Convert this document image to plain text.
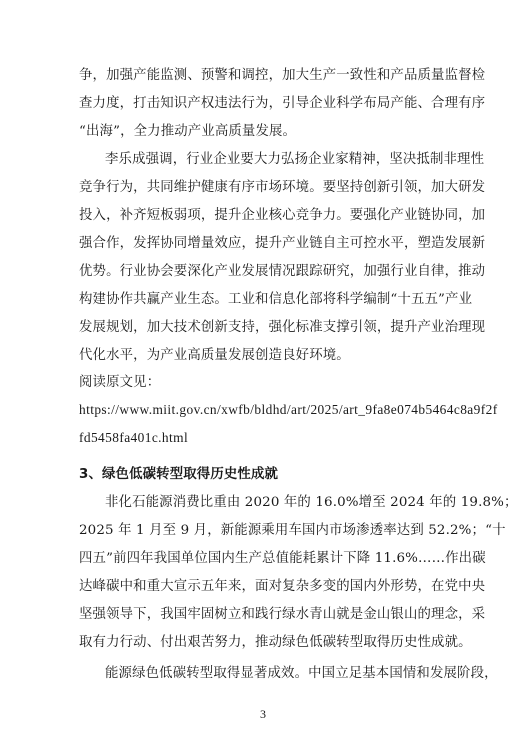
争，加强产能监测、预警和调控，加大生产一致性和产品质量监督检
查力度，打击知识产权违法行为，引导企业科学布局产能、合理有序
“出海”，全力推动产业高质量发展。
李乐成强调，行业企业要大力弘扬企业家精神，坚决抵制非理性
竞争行为，共同维护健康有序市场环境。要坚持创新引领，加大研发
投入，补齐短板弱项，提升企业核心竞争力。要强化产业链协同，加
强合作，发挥协同增量效应，提升产业链自主可控水平，塑造发展新
优势。行业协会要深化产业发展情况跟踪研究，加强行业自律，推动
构建协作共赢产业生态。工业和信息化部将科学编制“十五五”产业
发展规划，加大技术创新支持，强化标准支撑引领，提升产业治理现
代化水平，为产业高质量发展创造良好环境。
阅读原文见：
https://www.miit.gov.cn/xwfb/bldhd/art/2025/art_9fa8e074b5464c8a9f2f
fd5458fa401c.html
3、绿色低碳转型取得历史性成就
非化石能源消费比重由 2020 年的 16.0%增至 2024 年的 19.8%；
2025 年 1 月至 9 月，新能源乘用车国内市场渗透率达到 52.2%；“十
四五”前四年我国单位国内生产总值能耗累计下降 11.6%……作出碳
达峰碳中和重大宣示五年来，面对复杂多变的国内外形势，在党中央
坚强领导下，我国牢固树立和践行绿水青山就是金山银山的理念，采
取有力行动、付出艰苦努力，推动绿色低碳转型取得历史性成就。
能源绿色低碳转型取得显著成效。中国立足基本国情和发展阶段，
3
